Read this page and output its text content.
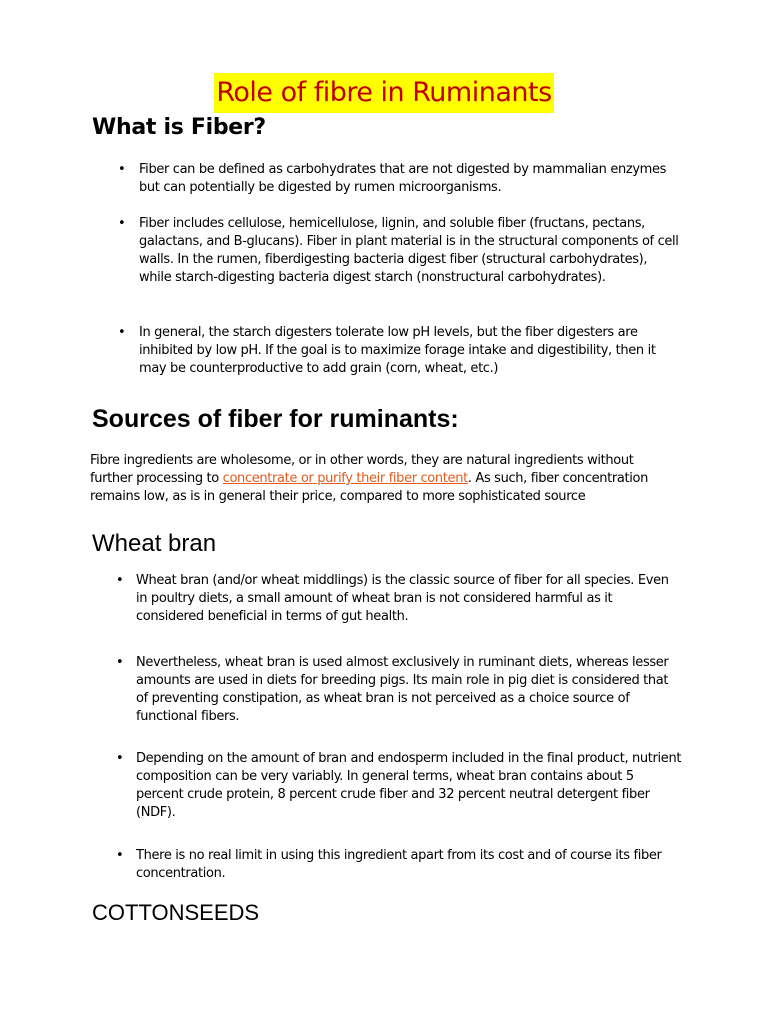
Role of fibre in Ruminants
What is Fiber?
• Fiber can be defined as carbohydrates that are not digested by mammalian enzymes but can potentially be digested by rumen microorganisms.
• Fiber includes cellulose, hemicellulose, lignin, and soluble fiber (fructans, pectans, galactans, and B-glucans). Fiber in plant material is in the structural components of cell walls. In the rumen, fiberdigesting bacteria digest fiber (structural carbohydrates), while starch-digesting bacteria digest starch (nonstructural carbohydrates).
• In general, the starch digesters tolerate low pH levels, but the fiber digesters are inhibited by low pH. If the goal is to maximize forage intake and digestibility, then it may be counterproductive to add grain (corn, wheat, etc.)
Sources of fiber for ruminants:
Fibre ingredients are wholesome, or in other words, they are natural ingredients without further processing to concentrate or purify their fiber content. As such, fiber concentration remains low, as is in general their price, compared to more sophisticated source
Wheat bran
• Wheat bran (and/or wheat middlings) is the classic source of fiber for all species. Even in poultry diets, a small amount of wheat bran is not considered harmful as it considered beneficial in terms of gut health.
• Nevertheless, wheat bran is used almost exclusively in ruminant diets, whereas lesser amounts are used in diets for breeding pigs. Its main role in pig diet is considered that of preventing constipation, as wheat bran is not perceived as a choice source of functional fibers.
• Depending on the amount of bran and endosperm included in the final product, nutrient composition can be very variably. In general terms, wheat bran contains about 5 percent crude protein, 8 percent crude fiber and 32 percent neutral detergent fiber (NDF).
• There is no real limit in using this ingredient apart from its cost and of course its fiber concentration.
COTTONSEEDS
